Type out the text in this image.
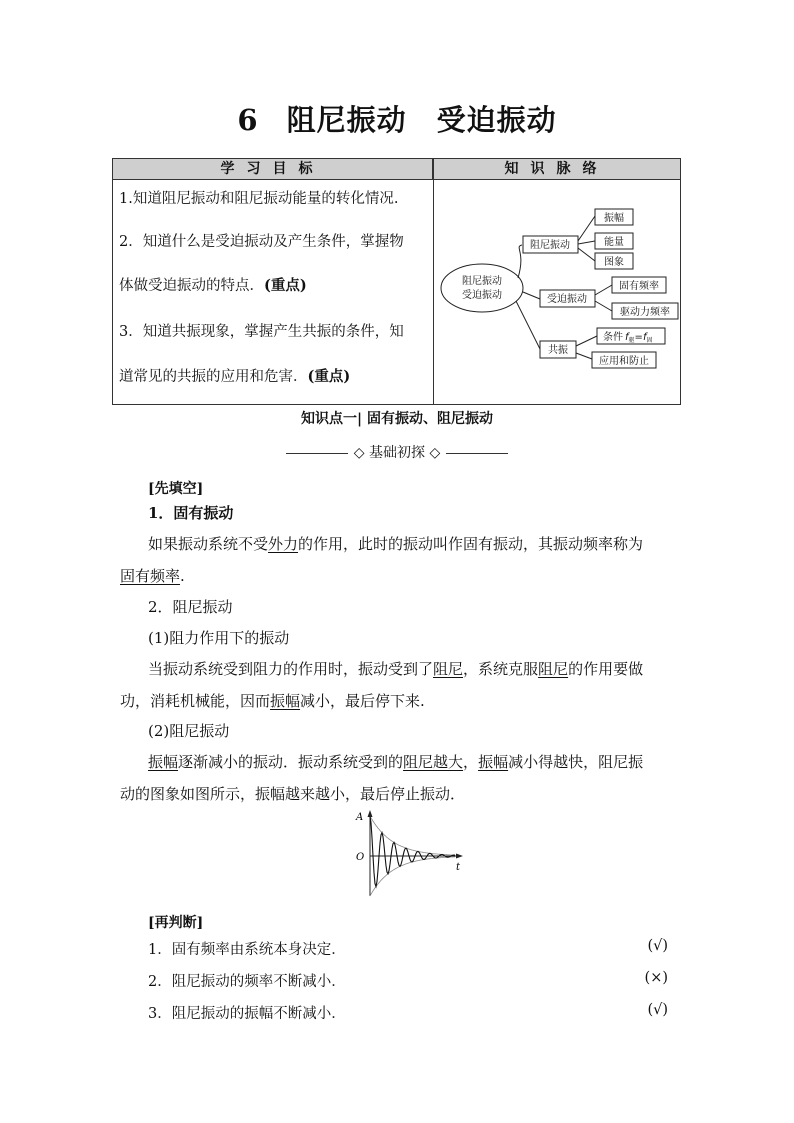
6 阻尼振动 受迫振动
学习目标	知识脉络
1.知道阻尼振动和阻尼振动能量的转化情况.
2．知道什么是受迫振动及产生条件，掌握物
体做受迫振动的特点．(重点)
3．知道共振现象，掌握产生共振的条件，知
道常见的共振的应用和危害．(重点)
阻尼振动
受迫振动
阻尼振动
振幅
能量
图象
受迫振动
固有频率
驱动力频率
共振
条件 $f_驱=f_固$
应用和防止
知识点一| 固有振动、阻尼振动
◇ 基础初探 ◇
[先填空]
1．固有振动
如果振动系统不受外力的作用，此时的振动叫作固有振动，其振动频率称为
固有频率.
2．阻尼振动
(1)阻力作用下的振动
当振动系统受到阻力的作用时，振动受到了阻尼，系统克服阻尼的作用要做
功，消耗机械能，因而振幅减小，最后停下来.
(2)阻尼振动
振幅逐渐减小的振动．振动系统受到的阻尼越大，振幅减小得越快，阻尼振
动的图象如图所示，振幅越来越小，最后停止振动．
A
O
t
[再判断]
1．固有频率由系统本身决定．	(√)
2．阻尼振动的频率不断减小．	(×)
3．阻尼振动的振幅不断减小．	(√)
